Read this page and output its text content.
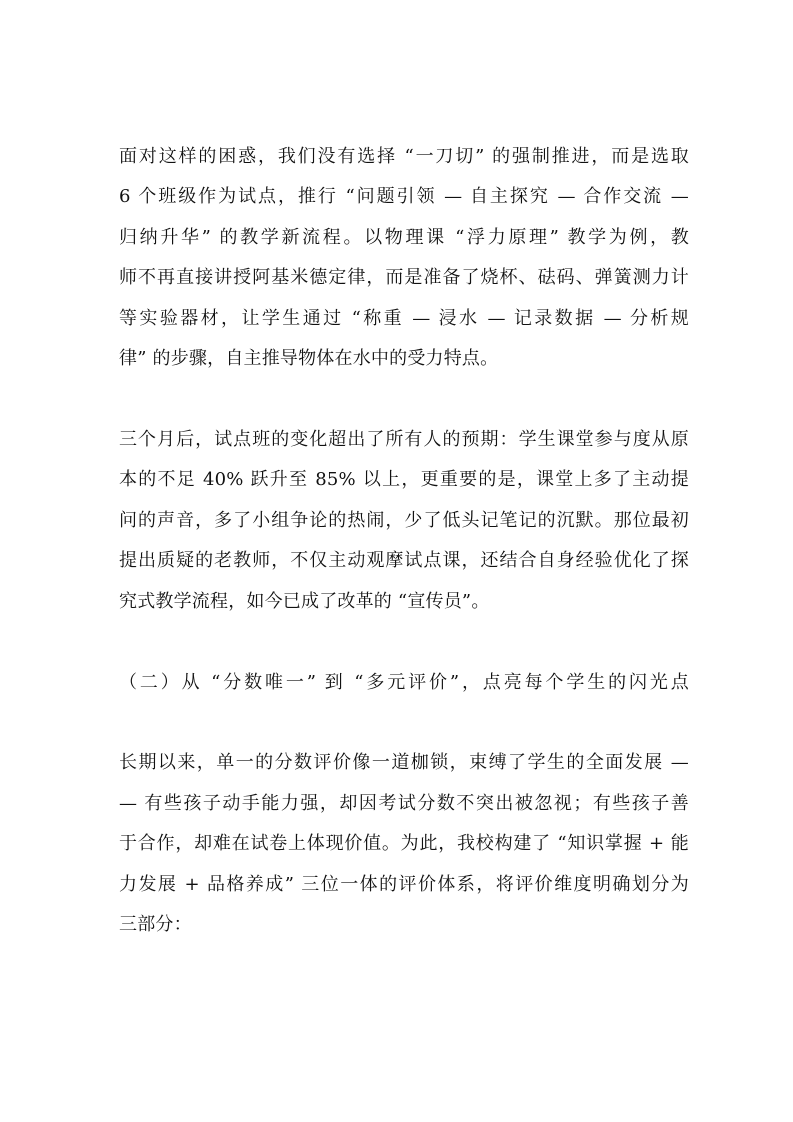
面对这样的困惑，我们没有选择 “一刀切” 的强制推进，而是选取
6 个班级作为试点，推行 “问题引领 — 自主探究 — 合作交流 —
归纳升华” 的教学新流程。以物理课 “浮力原理” 教学为例，教
师不再直接讲授阿基米德定律，而是准备了烧杯、砝码、弹簧测力计
等实验器材，让学生通过 “称重 — 浸水 — 记录数据 — 分析规
律” 的步骤，自主推导物体在水中的受力特点。
三个月后，试点班的变化超出了所有人的预期：学生课堂参与度从原
本的不足 40% 跃升至 85% 以上，更重要的是，课堂上多了主动提
问的声音，多了小组争论的热闹，少了低头记笔记的沉默。那位最初
提出质疑的老教师，不仅主动观摩试点课，还结合自身经验优化了探
究式教学流程，如今已成了改革的 “宣传员”。
（二）从 “分数唯一” 到 “多元评价”，点亮每个学生的闪光点
长期以来，单一的分数评价像一道枷锁，束缚了学生的全面发展 —
— 有些孩子动手能力强，却因考试分数不突出被忽视；有些孩子善
于合作，却难在试卷上体现价值。为此，我校构建了 “知识掌握 + 能
力发展 + 品格养成” 三位一体的评价体系，将评价维度明确划分为
三部分：
